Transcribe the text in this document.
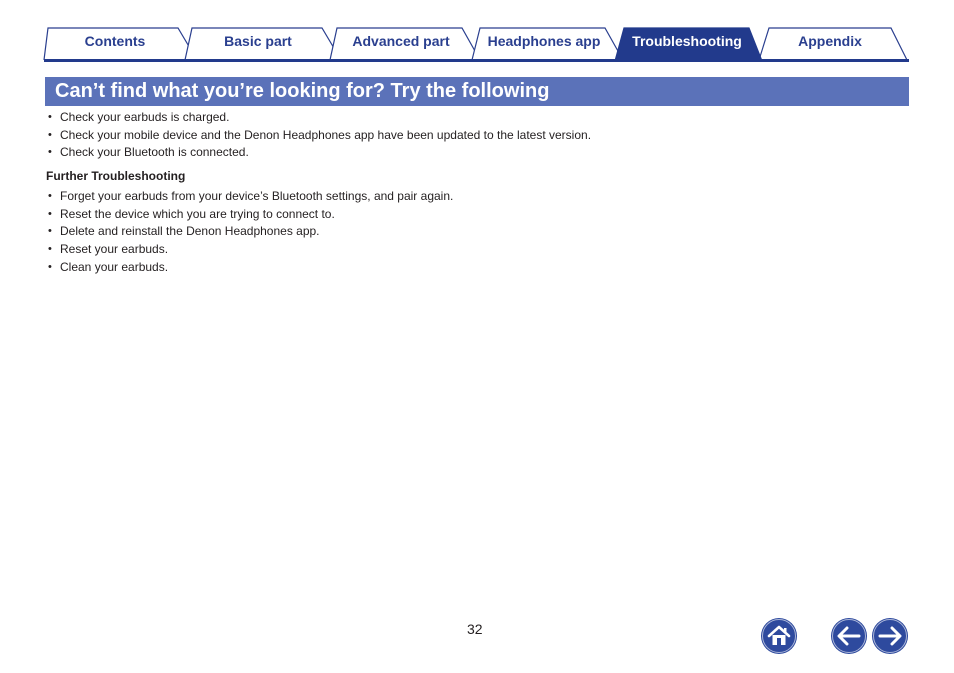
Contents	Basic part	Advanced part	Headphones app	Troubleshooting	Appendix
Can’t find what you’re looking for? Try the following
• Check your earbuds is charged.
• Check your mobile device and the Denon Headphones app have been updated to the latest version.
• Check your Bluetooth is connected.
Further Troubleshooting
• Forget your earbuds from your device’s Bluetooth settings, and pair again.
• Reset the device which you are trying to connect to.
• Delete and reinstall the Denon Headphones app.
• Reset your earbuds.
• Clean your earbuds.
32
